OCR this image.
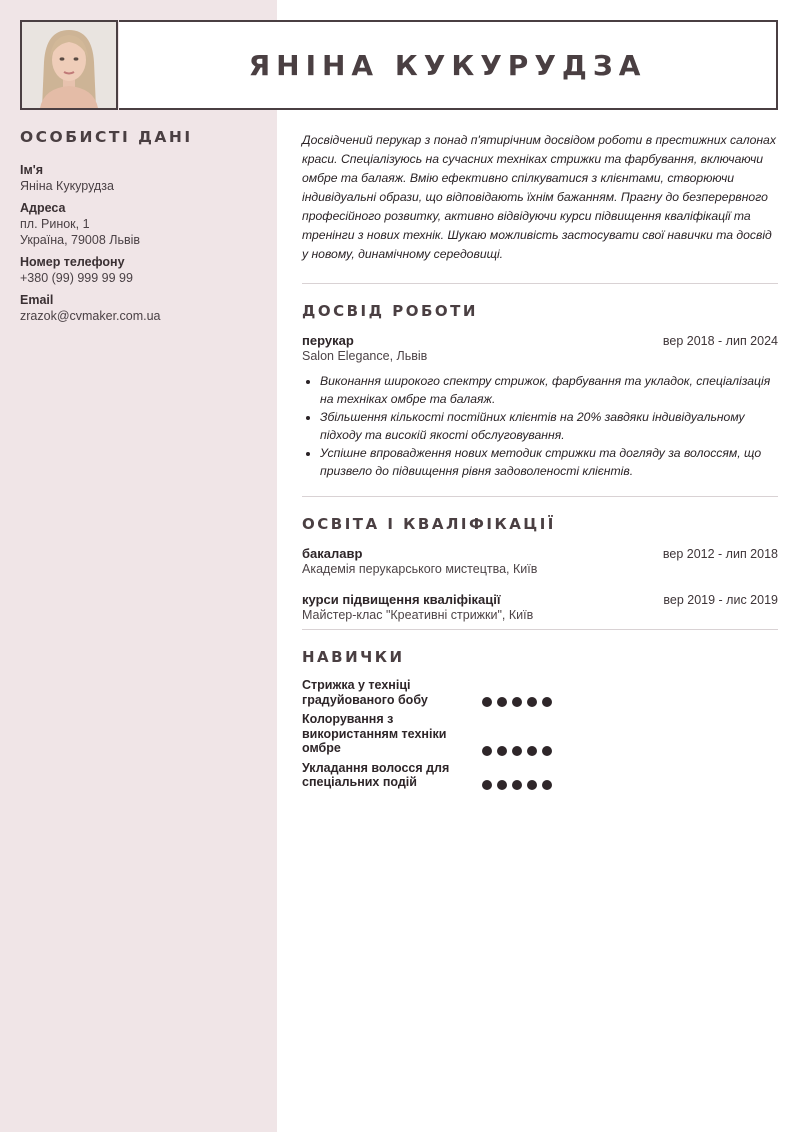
ЯНІНА КУКУРУДЗА
ОСОБИСТІ ДАНІ
Ім'я
Яніна Кукурудза
Адреса
пл. Ринок, 1
Україна, 79008 Львів
Номер телефону
+380 (99) 999 99 99
Email
zrazok@cvmaker.com.ua

Досвідчений перукар з понад п'ятирічним досвідом роботи в престижних салонах краси. Спеціалізуюсь на сучасних техніках стрижки та фарбування, включаючи омбре та балаяж. Вмію ефективно спілкуватися з клієнтами, створюючи індивідуальні образи, що відповідають їхнім бажанням. Прагну до безперервного професійного розвитку, активно відвідуючи курси підвищення кваліфікації та тренінги з нових технік. Шукаю можливість застосувати свої навички та досвід у новому, динамічному середовищі.

ДОСВІД РОБОТИ
перукар	вер 2018 - лип 2024
Salon Elegance, Львів
• Виконання широкого спектру стрижок, фарбування та укладок, спеціалізація на техніках омбре та балаяж.
• Збільшення кількості постійних клієнтів на 20% завдяки індивідуальному підходу та високій якості обслуговування.
• Успішне впровадження нових методик стрижки та догляду за волоссям, що призвело до підвищення рівня задоволеності клієнтів.
ОСВІТА І КВАЛІФІКАЦІЇ
бакалавр	вер 2012 - лип 2018
Академія перукарського мистецтва, Київ
курси підвищення кваліфікації	вер 2019 - лис 2019
Майстер-клас "Креативні стрижки", Київ
НАВИЧКИ
Стрижка у техніці градуйованого бобу
Колорування з використанням техніки омбре
Укладання волосся для спеціальних подій
